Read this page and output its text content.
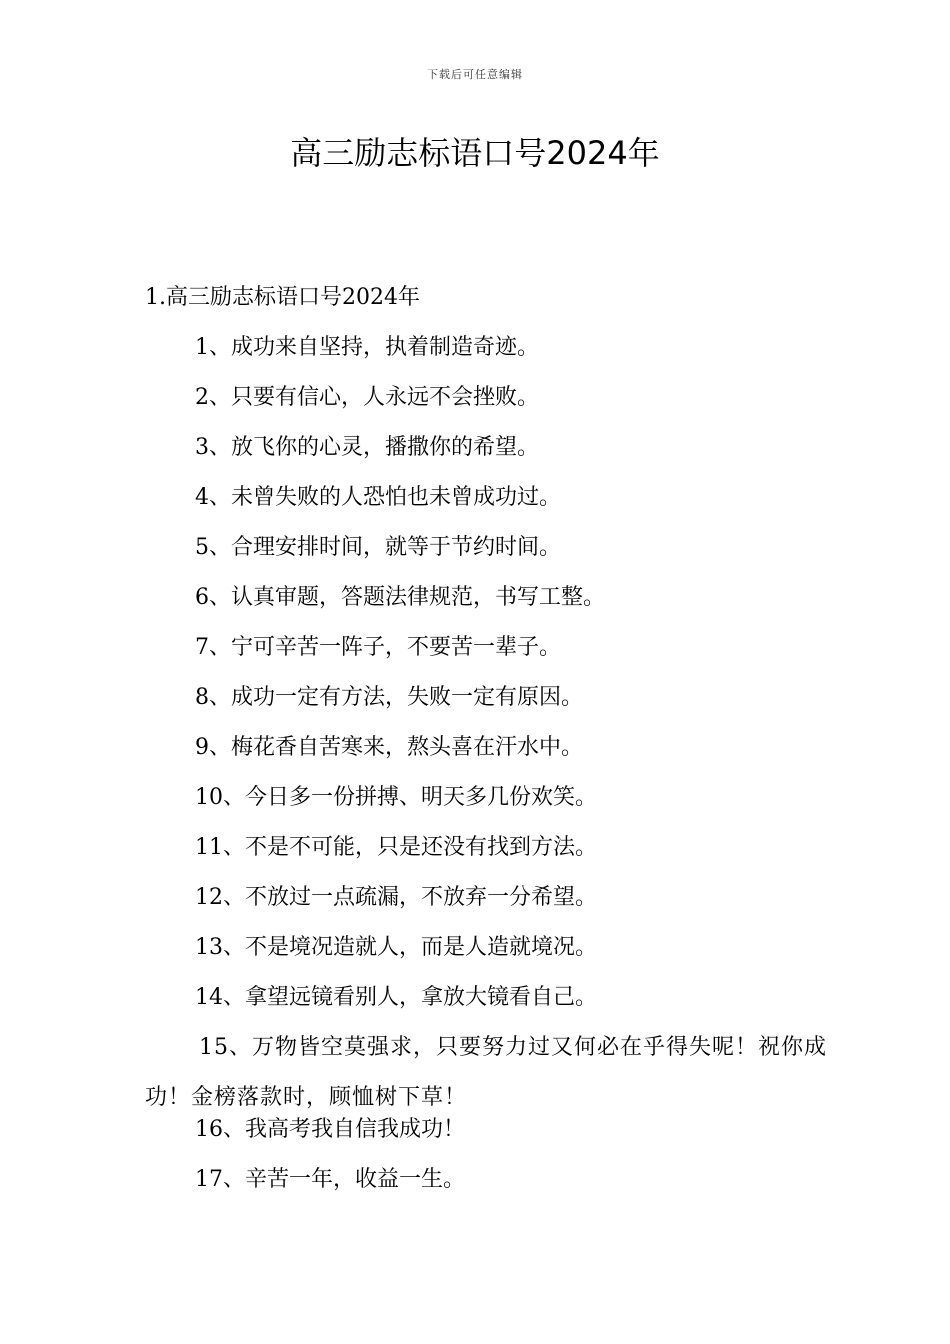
下载后可任意编辑
高三励志标语口号2024年

1.高三励志标语口号2024年

1、成功来自坚持，执着制造奇迹。

2、只要有信心，人永远不会挫败。

3、放飞你的心灵，播撒你的希望。

4、未曾失败的人恐怕也未曾成功过。

5、合理安排时间，就等于节约时间。

6、认真审题，答题法律规范，书写工整。

7、宁可辛苦一阵子，不要苦一辈子。

8、成功一定有方法，失败一定有原因。

9、梅花香自苦寒来，熬头喜在汗水中。

10、今日多一份拼搏、明天多几份欢笑。

11、不是不可能，只是还没有找到方法。

12、不放过一点疏漏，不放弃一分希望。

13、不是境况造就人，而是人造就境况。

14、拿望远镜看别人，拿放大镜看自己。

15、万物皆空莫强求，只要努力过又何必在乎得失呢！祝你成功！金榜落款时，顾恤树下草！

16、我高考我自信我成功！

17、辛苦一年，收益一生。
